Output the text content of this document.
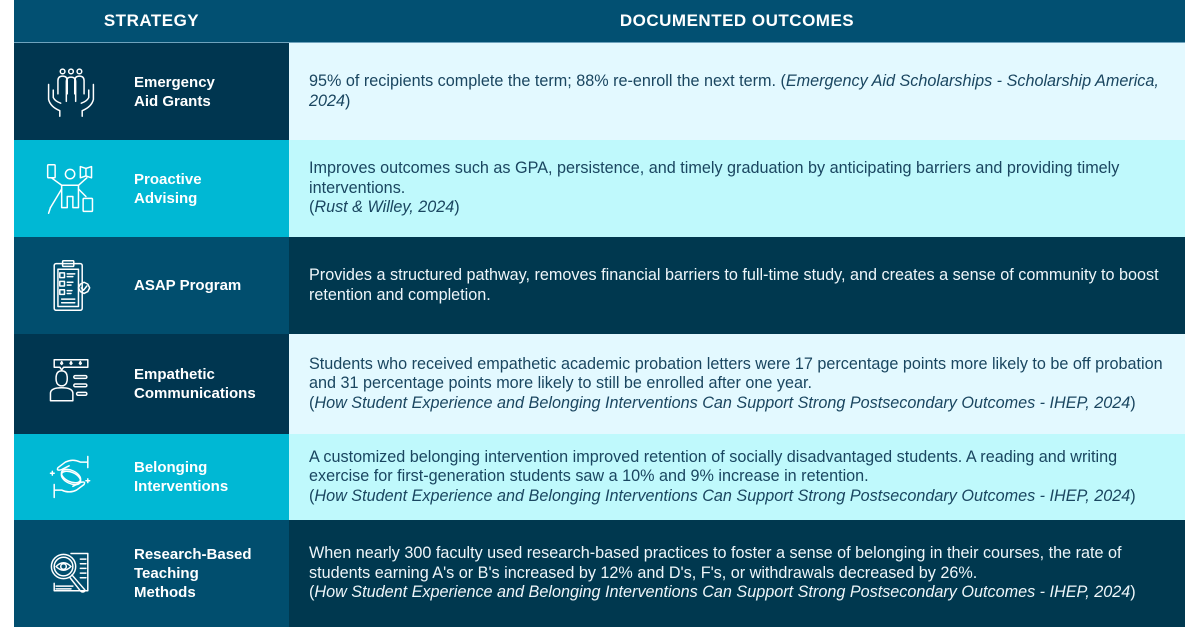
STRATEGY	DOCUMENTED OUTCOMES
Emergency
Aid Grants
95% of recipients complete the term; 88% re-enroll the next term. (Emergency Aid Scholarships - Scholarship America, 2024)
Proactive
Advising
Improves outcomes such as GPA, persistence, and timely graduation by anticipating barriers and providing timely interventions.
(Rust & Willey, 2024)
ASAP Program
Provides a structured pathway, removes financial barriers to full-time study, and creates a sense of community to boost retention and completion.
Empathetic
Communications
Students who received empathetic academic probation letters were 17 percentage points more likely to be off probation and 31 percentage points more likely to still be enrolled after one year.
(How Student Experience and Belonging Interventions Can Support Strong Postsecondary Outcomes - IHEP, 2024)
Belonging
Interventions
A customized belonging intervention improved retention of socially disadvantaged students. A reading and writing exercise for first-generation students saw a 10% and 9% increase in retention.
(How Student Experience and Belonging Interventions Can Support Strong Postsecondary Outcomes - IHEP, 2024)
Research-Based
Teaching
Methods
When nearly 300 faculty used research-based practices to foster a sense of belonging in their courses, the rate of students earning A's or B's increased by 12% and D's, F's, or withdrawals decreased by 26%.
(How Student Experience and Belonging Interventions Can Support Strong Postsecondary Outcomes - IHEP, 2024)
